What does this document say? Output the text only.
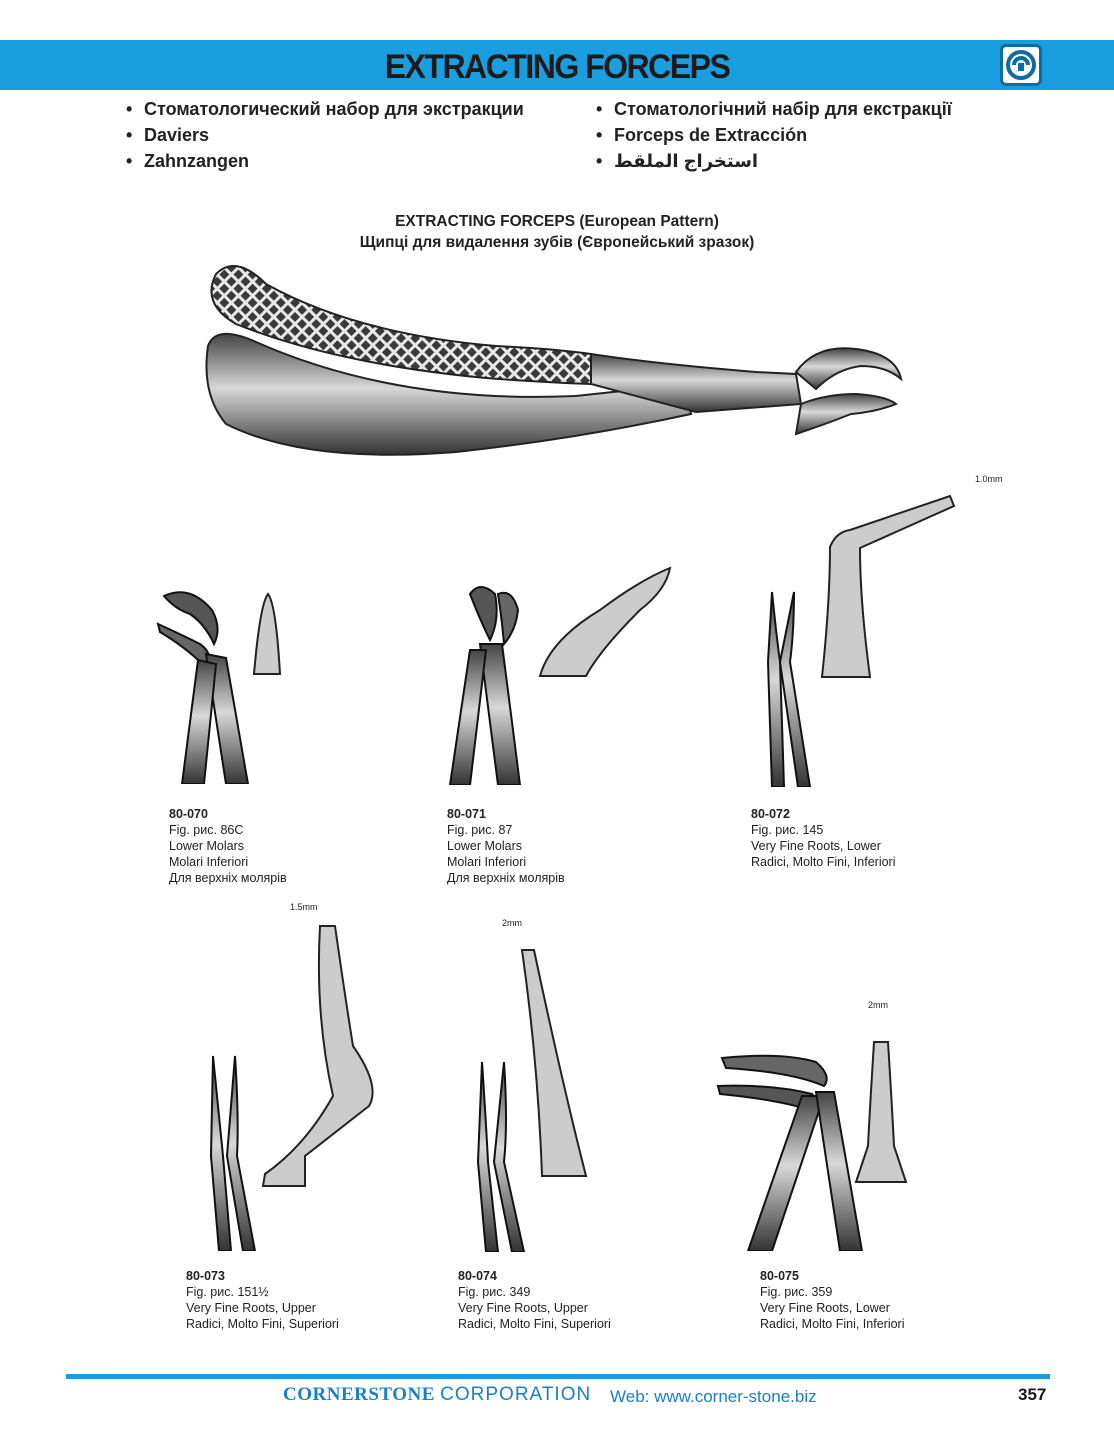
EXTRACTING FORCEPS
• Стоматологический набор для экстракции
• Daviers
• Zahnzangen
• Стоматологічний набір для екстракції
• Forceps de Extracción
• استخراج الملقط
EXTRACTING FORCEPS (European Pattern)
Щипці для видалення зубів (Європейський зразок)
1.0mm
1.5mm
2mm
2mm
80-070
Fig. рис. 86C
Lower Molars
Molari Inferiori
Для верхніх молярів
80-071
Fig. рис. 87
Lower Molars
Molari Inferiori
Для верхніх молярів
80-072
Fig. рис. 145
Very Fine Roots, Lower
Radici, Molto Fini, Inferiori
80-073
Fig. рис. 151½
Very Fine Roots, Upper
Radici, Molto Fini, Superiori
80-074
Fig. рис. 349
Very Fine Roots, Upper
Radici, Molto Fini, Superiori
80-075
Fig. рис. 359
Very Fine Roots, Lower
Radici, Molto Fini, Inferiori
CORNERSTONE CORPORATION Web: www.corner-stone.biz	357
